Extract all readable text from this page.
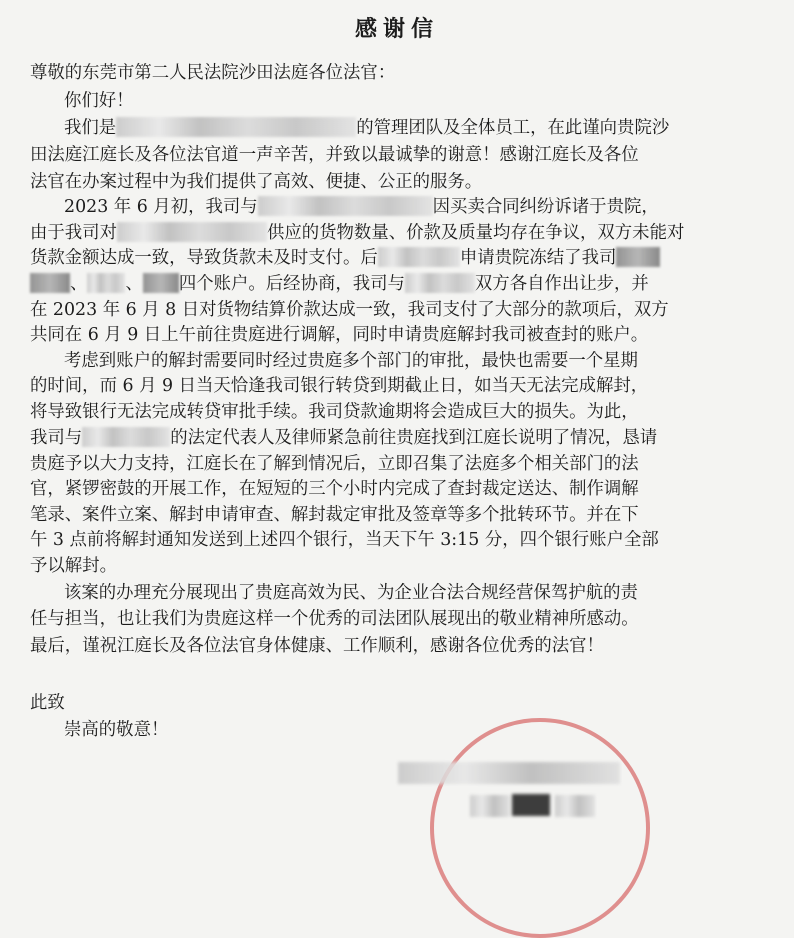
感谢信
尊敬的东莞市第二人民法院沙田法庭各位法官：
你们好！
我们是	的管理团队及全体员工，在此谨向贵院沙
田法庭江庭长及各位法官道一声辛苦，并致以最诚挚的谢意！感谢江庭长及各位
法官在办案过程中为我们提供了高效、便捷、公正的服务。
2023 年 6 月初，我司与	因买卖合同纠纷诉诸于贵院，
由于我司对	供应的货物数量、价款及质量均存在争议，双方未能对
货款金额达成一致，导致货款未及时支付。后	申请贵院冻结了我司
、 、 四个账户。后经协商，我司与	双方各自作出让步，并
在 2023 年 6 月 8 日对货物结算价款达成一致，我司支付了大部分的款项后，双方
共同在 6 月 9 日上午前往贵庭进行调解，同时申请贵庭解封我司被查封的账户。
考虑到账户的解封需要同时经过贵庭多个部门的审批，最快也需要一个星期
的时间，而 6 月 9 日当天恰逢我司银行转贷到期截止日，如当天无法完成解封，
将导致银行无法完成转贷审批手续。我司贷款逾期将会造成巨大的损失。为此，
我司与	的法定代表人及律师紧急前往贵庭找到江庭长说明了情况，恳请
贵庭予以大力支持，江庭长在了解到情况后，立即召集了法庭多个相关部门的法
官，紧锣密鼓的开展工作，在短短的三个小时内完成了查封裁定送达、制作调解
笔录、案件立案、解封申请审查、解封裁定审批及签章等多个批转环节。并在下
午 3 点前将解封通知发送到上述四个银行，当天下午 3:15 分，四个银行账户全部
予以解封。
该案的办理充分展现出了贵庭高效为民、为企业合法合规经营保驾护航的责
任与担当，也让我们为贵庭这样一个优秀的司法团队展现出的敬业精神所感动。
最后，谨祝江庭长及各位法官身体健康、工作顺利，感谢各位优秀的法官！
此致
崇高的敬意！
